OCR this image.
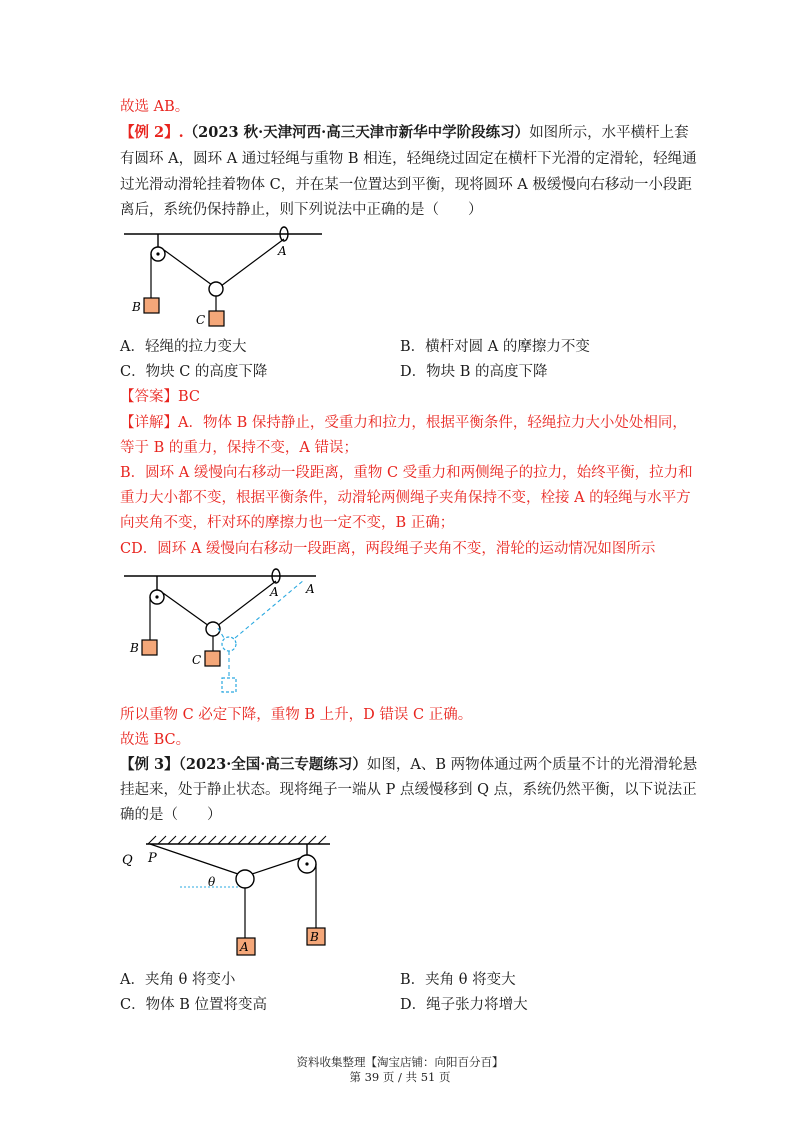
故选 AB。
【例 2】.（2023 秋·天津河西·高三天津市新华中学阶段练习）如图所示，水平横杆上套
有圆环 A，圆环 A 通过轻绳与重物 B 相连，轻绳绕过固定在横杆下光滑的定滑轮，轻绳通
过光滑动滑轮挂着物体 C，并在某一位置达到平衡，现将圆环 A 极缓慢向右移动一小段距
离后，系统仍保持静止，则下列说法中正确的是（　　）
A
B
C
A．轻绳的拉力变大	B．横杆对圆 A 的摩擦力不变
C．物块 C 的高度下降	D．物块 B 的高度下降
【答案】BC
【详解】A．物体 B 保持静止，受重力和拉力，根据平衡条件，轻绳拉力大小处处相同，
等于 B 的重力，保持不变，A 错误；
B．圆环 A 缓慢向右移动一段距离，重物 C 受重力和两侧绳子的拉力，始终平衡，拉力和
重力大小都不变，根据平衡条件，动滑轮两侧绳子夹角保持不变，栓接 A 的轻绳与水平方
向夹角不变，杆对环的摩擦力也一定不变，B 正确；
CD．圆环 A 缓慢向右移动一段距离，两段绳子夹角不变，滑轮的运动情况如图所示
A A
B
C
所以重物 C 必定下降，重物 B 上升，D 错误 C 正确。
故选 BC。
【例 3】（2023·全国·高三专题练习）如图，A、B 两物体通过两个质量不计的光滑滑轮悬
挂起来，处于静止状态。现将绳子一端从 P 点缓慢移到 Q 点，系统仍然平衡，以下说法正
确的是（　　）
Q P
θ
A
B
A．夹角 θ 将变小	B．夹角 θ 将变大
C．物体 B 位置将变高	D．绳子张力将增大
资料收集整理【淘宝店铺：向阳百分百】
第 39 页 / 共 51 页
